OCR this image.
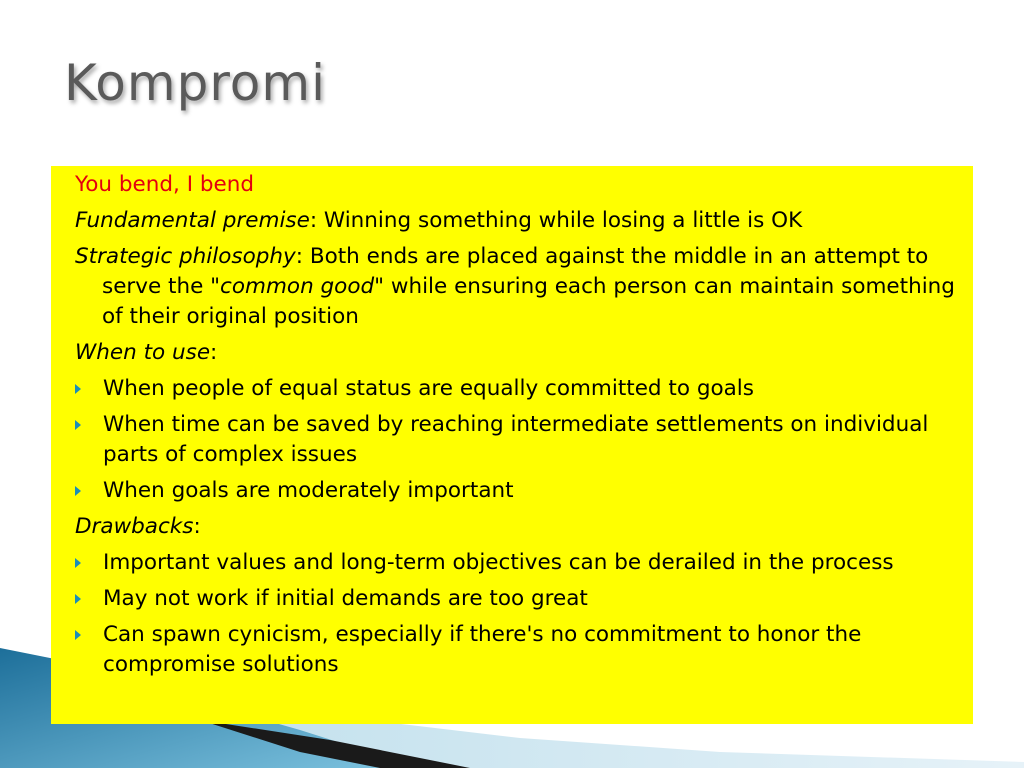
Kompromi
You bend, I bend
Fundamental premise: Winning something while losing a little is OK
Strategic philosophy: Both ends are placed against the middle in an attempt to serve the "common good" while ensuring each person can maintain something of their original position
When to use:
When people of equal status are equally committed to goals
When time can be saved by reaching intermediate settlements on individual parts of complex issues
When goals are moderately important
Drawbacks:
Important values and long-term objectives can be derailed in the process
May not work if initial demands are too great
Can spawn cynicism, especially if there's no commitment to honor the compromise solutions
